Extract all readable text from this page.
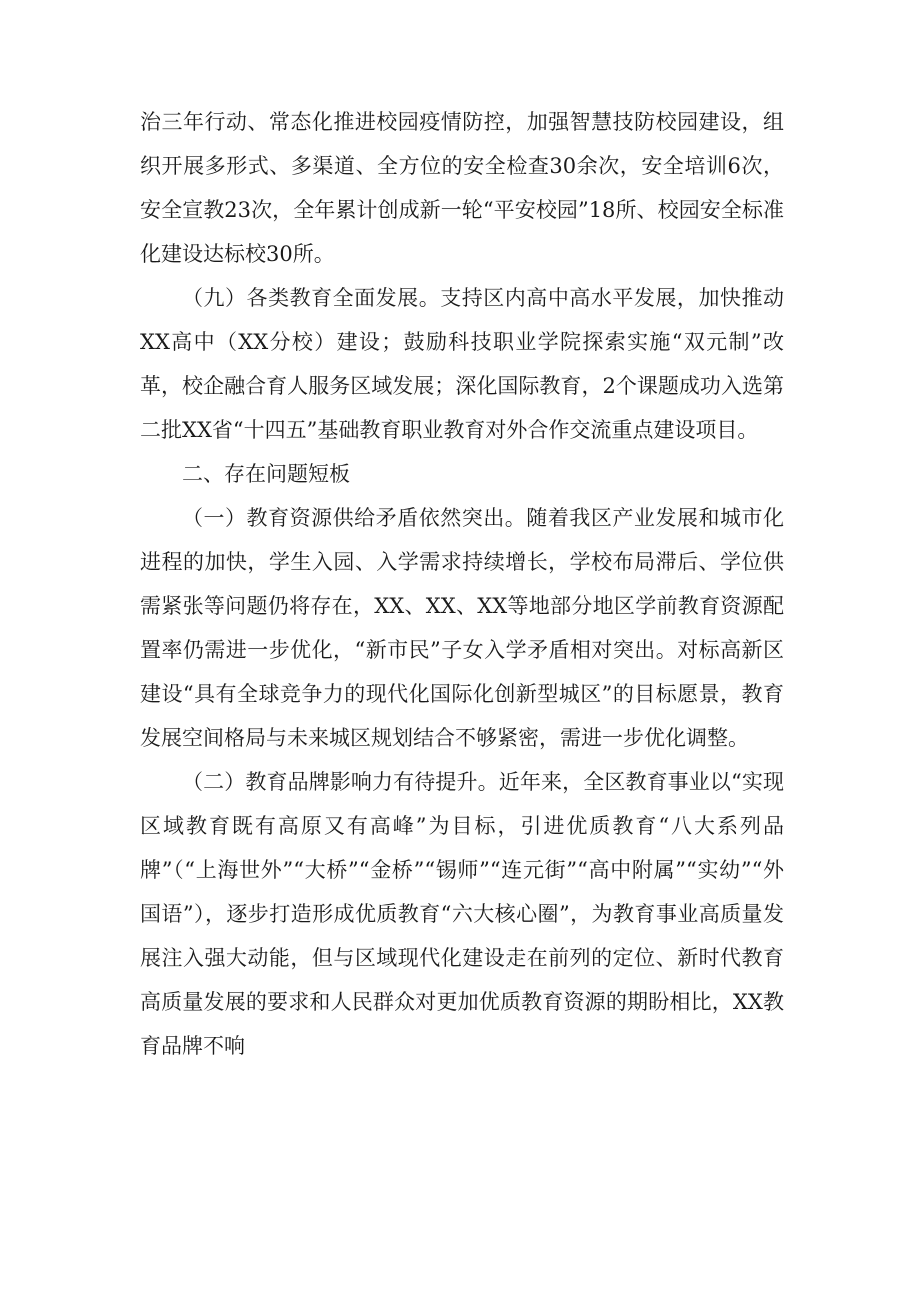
治三年行动、常态化推进校园疫情防控，加强智慧技防校园建设，组织开展多形式、多渠道、全方位的安全检查30余次，安全培训6次，安全宣教23次，全年累计创成新一轮“平安校园”18所、校园安全标准化建设达标校30所。

（九）各类教育全面发展。支持区内高中高水平发展，加快推动XX高中（XX分校）建设；鼓励科技职业学院探索实施“双元制”改革，校企融合育人服务区域发展；深化国际教育，2个课题成功入选第二批XX省“十四五”基础教育职业教育对外合作交流重点建设项目。

二、存在问题短板

（一）教育资源供给矛盾依然突出。随着我区产业发展和城市化进程的加快，学生入园、入学需求持续增长，学校布局滞后、学位供需紧张等问题仍将存在，XX、XX、XX等地部分地区学前教育资源配置率仍需进一步优化，“新市民”子女入学矛盾相对突出。对标高新区建设“具有全球竞争力的现代化国际化创新型城区”的目标愿景，教育发展空间格局与未来城区规划结合不够紧密，需进一步优化调整。

（二）教育品牌影响力有待提升。近年来，全区教育事业以“实现区域教育既有高原又有高峰”为目标，引进优质教育“八大系列品牌”（“上海世外”“大桥”“金桥”“锡师”“连元街”“高中附属”“实幼”“外国语”），逐步打造形成优质教育“六大核心圈”，为教育事业高质量发展注入强大动能，但与区域现代化建设走在前列的定位、新时代教育高质量发展的要求和人民群众对更加优质教育资源的期盼相比，XX教育品牌不响
